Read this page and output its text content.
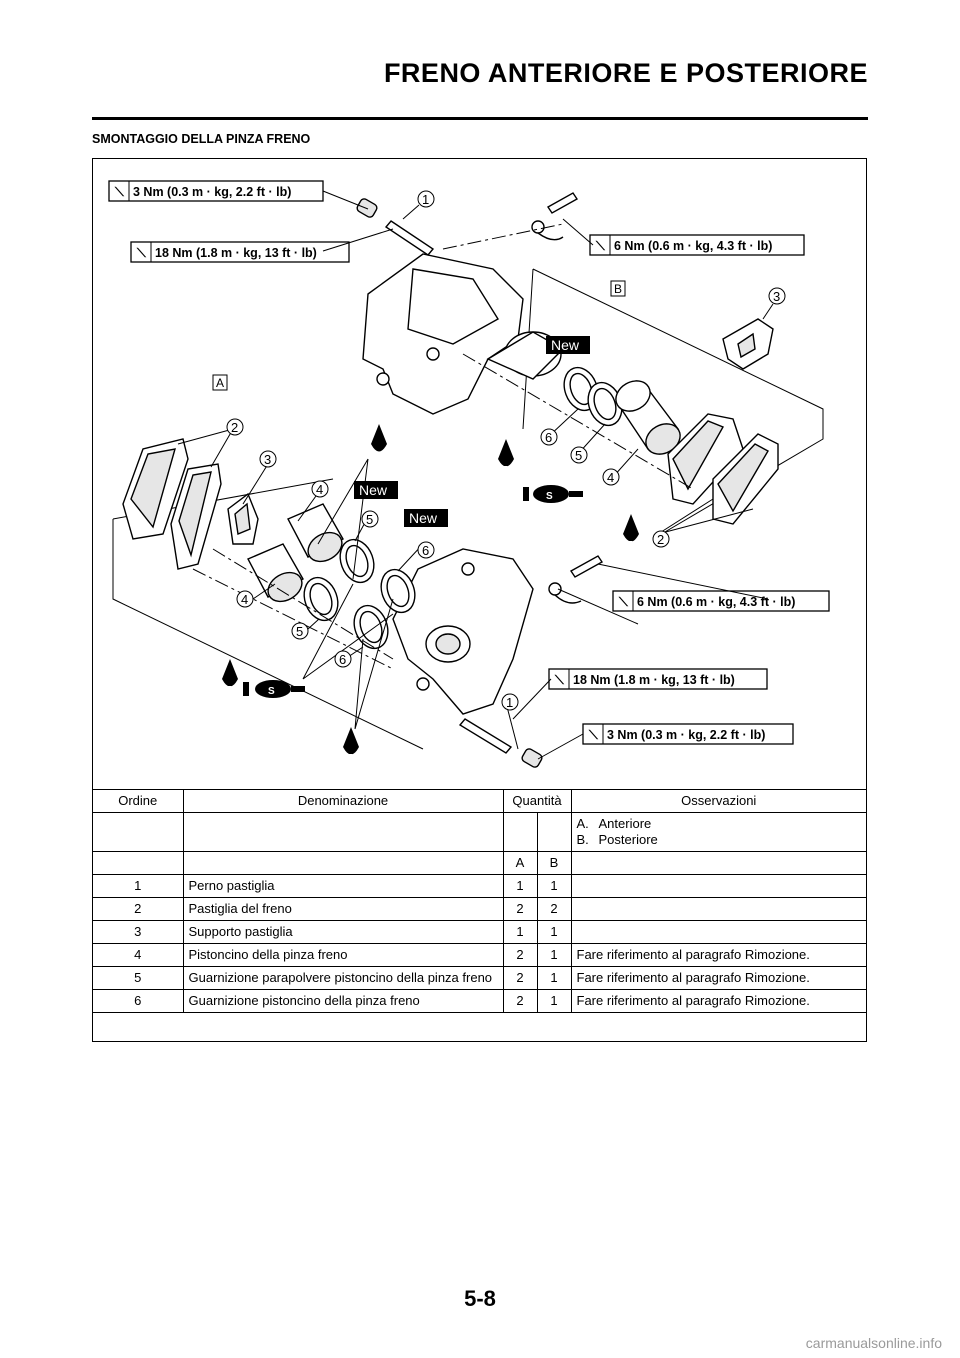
FRENO ANTERIORE E POSTERIORE
SMONTAGGIO DELLA PINZA FRENO
⟍ 3 Nm (0.3 m · kg, 2.2 ft · lb)
⟍ 18 Nm (1.8 m · kg, 13 ft · lb)	⟍ 6 Nm (0.6 m · kg, 4.3 ft · lb)
⟍ 6 Nm (0.6 m · kg, 4.3 ft · lb)
⟍ 18 Nm (1.8 m · kg, 13 ft · lb)
⟍ 3 Nm (0.3 m · kg, 2.2 ft · lb)
B
A
1
3
6
5
4
2
2
3
4
5
6
4
5
6
1
New
New
New
BF
BF
BF
BF
BF
S
S
Ordine	Denominazione	Quantità		Osservazioni

				A. Anteriore
B. Posteriore

		A	B	
1	Perno pastiglia	1	1	
2	Pastiglia del freno	2	2	
3	Supporto pastiglia	1	1	
4	Pistoncino della pinza freno	2	1	Fare riferimento al paragrafo Rimozione.
5	Guarnizione parapolvere pistoncino della pinza freno	2	1	Fare riferimento al paragrafo Rimozione.
6	Guarnizione pistoncino della pinza freno	2	1	Fare riferimento al paragrafo Rimozione.
5-8
carmanualsonline.info
